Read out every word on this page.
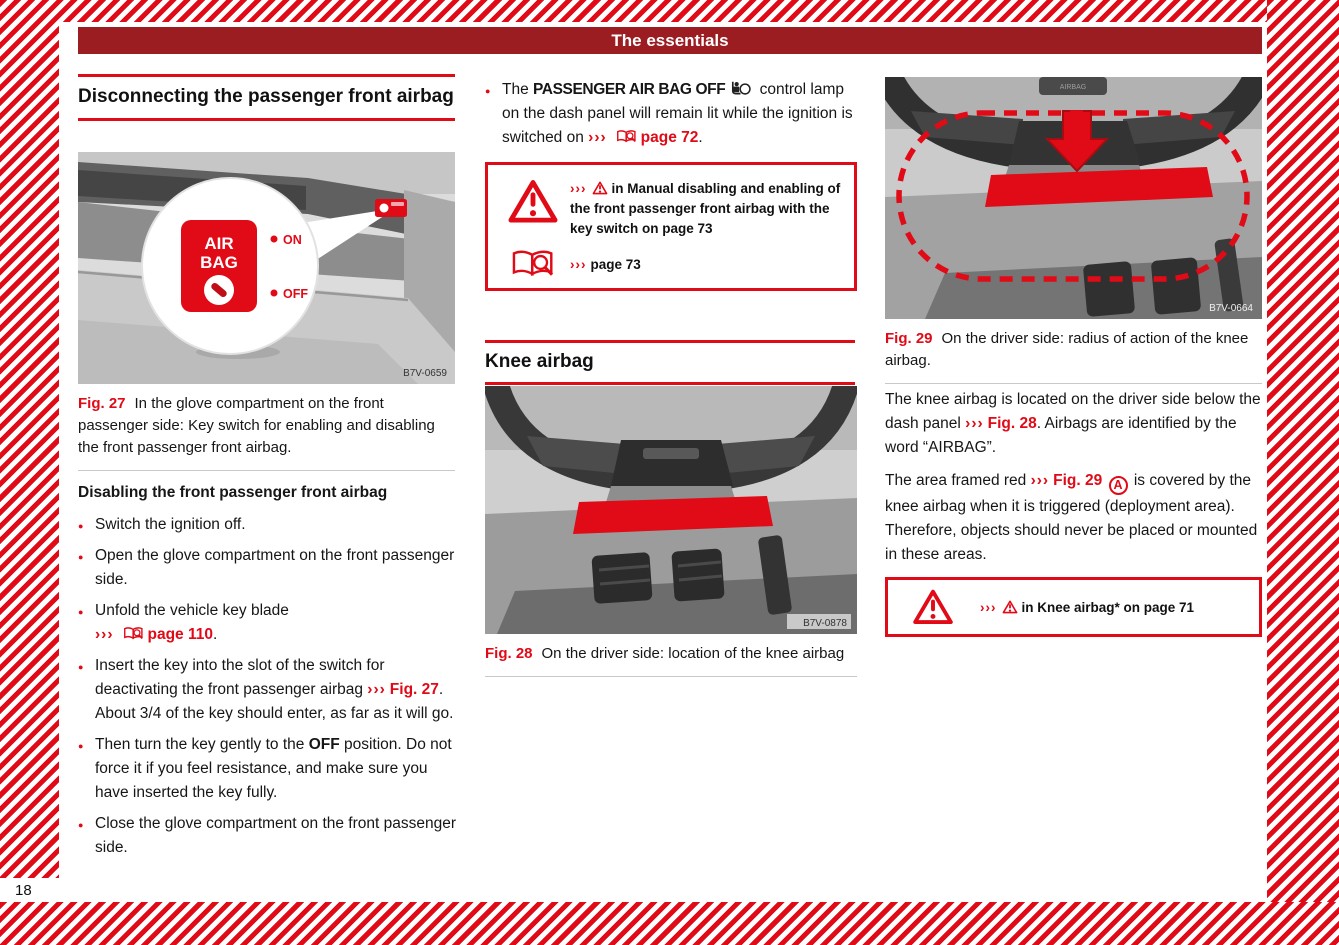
The essentials
Disconnecting the passenger front airbag
AIR
BAG
ON
OFF
B7V-0659
Fig. 27 In the glove compartment on the front passenger side: Key switch for enabling and disabling the front passenger front airbag.
Disabling the front passenger front airbag
● Switch the ignition off.
● Open the glove compartment on the front passenger side.
● Unfold the vehicle key blade
››› page 110.
● Insert the key into the slot of the switch for deactivating the front passenger airbag ››› Fig. 27. About 3/4 of the key should enter, as far as it will go.
● Then turn the key gently to the OFF position. Do not force it if you feel resistance, and make sure you have inserted the key fully.
● Close the glove compartment on the front passenger side.
● The PASSENGER AIR BAG OFF control lamp on the dash panel will remain lit while the ignition is switched on ››› page 72.
››› in Manual disabling and enabling of the front passenger front airbag with the key switch on page 73
››› page 73
Knee airbag
B7V-0878
Fig. 28 On the driver side: location of the knee airbag
AIRBAG
B7V-0664
Fig. 29 On the driver side: radius of action of the knee airbag.

The knee airbag is located on the driver side below the dash panel ››› Fig. 28. Airbags are identified by the word “AIRBAG”.

The area framed red ››› Fig. 29 A is covered by the knee airbag when it is triggered (deployment area). Therefore, objects should never be placed or mounted in these areas.

››› in Knee airbag* on page 71
18
